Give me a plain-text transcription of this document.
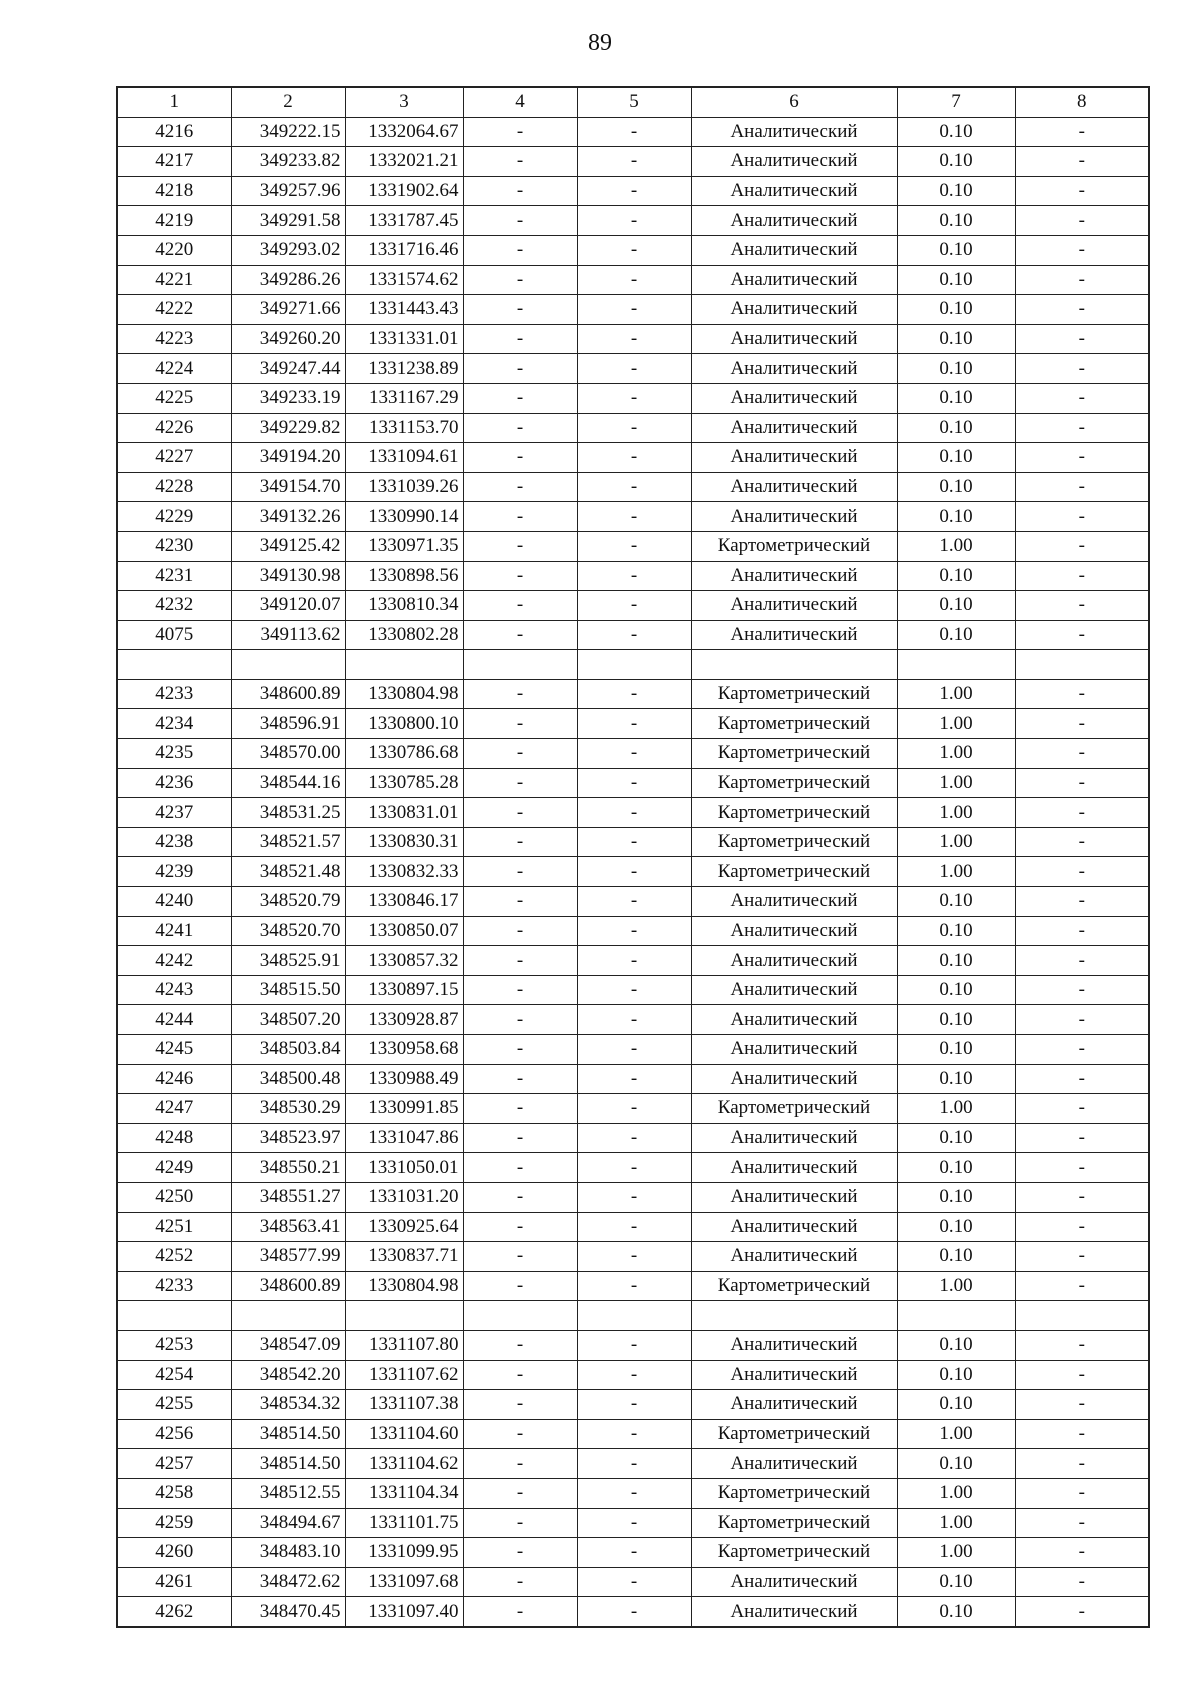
89
1	2	3	4	5	6	7	8
4216	349222.15	1332064.67	-	-	Аналитический	0.10	-
4217	349233.82	1332021.21	-	-	Аналитический	0.10	-
4218	349257.96	1331902.64	-	-	Аналитический	0.10	-
4219	349291.58	1331787.45	-	-	Аналитический	0.10	-
4220	349293.02	1331716.46	-	-	Аналитический	0.10	-
4221	349286.26	1331574.62	-	-	Аналитический	0.10	-
4222	349271.66	1331443.43	-	-	Аналитический	0.10	-
4223	349260.20	1331331.01	-	-	Аналитический	0.10	-
4224	349247.44	1331238.89	-	-	Аналитический	0.10	-
4225	349233.19	1331167.29	-	-	Аналитический	0.10	-
4226	349229.82	1331153.70	-	-	Аналитический	0.10	-
4227	349194.20	1331094.61	-	-	Аналитический	0.10	-
4228	349154.70	1331039.26	-	-	Аналитический	0.10	-
4229	349132.26	1330990.14	-	-	Аналитический	0.10	-
4230	349125.42	1330971.35	-	-	Картометрический	1.00	-
4231	349130.98	1330898.56	-	-	Аналитический	0.10	-
4232	349120.07	1330810.34	-	-	Аналитический	0.10	-
4075	349113.62	1330802.28	-	-	Аналитический	0.10	-

4233	348600.89	1330804.98	-	-	Картометрический	1.00	-
4234	348596.91	1330800.10	-	-	Картометрический	1.00	-
4235	348570.00	1330786.68	-	-	Картометрический	1.00	-
4236	348544.16	1330785.28	-	-	Картометрический	1.00	-
4237	348531.25	1330831.01	-	-	Картометрический	1.00	-
4238	348521.57	1330830.31	-	-	Картометрический	1.00	-
4239	348521.48	1330832.33	-	-	Картометрический	1.00	-
4240	348520.79	1330846.17	-	-	Аналитический	0.10	-
4241	348520.70	1330850.07	-	-	Аналитический	0.10	-
4242	348525.91	1330857.32	-	-	Аналитический	0.10	-
4243	348515.50	1330897.15	-	-	Аналитический	0.10	-
4244	348507.20	1330928.87	-	-	Аналитический	0.10	-
4245	348503.84	1330958.68	-	-	Аналитический	0.10	-
4246	348500.48	1330988.49	-	-	Аналитический	0.10	-
4247	348530.29	1330991.85	-	-	Картометрический	1.00	-
4248	348523.97	1331047.86	-	-	Аналитический	0.10	-
4249	348550.21	1331050.01	-	-	Аналитический	0.10	-
4250	348551.27	1331031.20	-	-	Аналитический	0.10	-
4251	348563.41	1330925.64	-	-	Аналитический	0.10	-
4252	348577.99	1330837.71	-	-	Аналитический	0.10	-
4233	348600.89	1330804.98	-	-	Картометрический	1.00	-

4253	348547.09	1331107.80	-	-	Аналитический	0.10	-
4254	348542.20	1331107.62	-	-	Аналитический	0.10	-
4255	348534.32	1331107.38	-	-	Аналитический	0.10	-
4256	348514.50	1331104.60	-	-	Картометрический	1.00	-
4257	348514.50	1331104.62	-	-	Аналитический	0.10	-
4258	348512.55	1331104.34	-	-	Картометрический	1.00	-
4259	348494.67	1331101.75	-	-	Картометрический	1.00	-
4260	348483.10	1331099.95	-	-	Картометрический	1.00	-
4261	348472.62	1331097.68	-	-	Аналитический	0.10	-
4262	348470.45	1331097.40	-	-	Аналитический	0.10	-
